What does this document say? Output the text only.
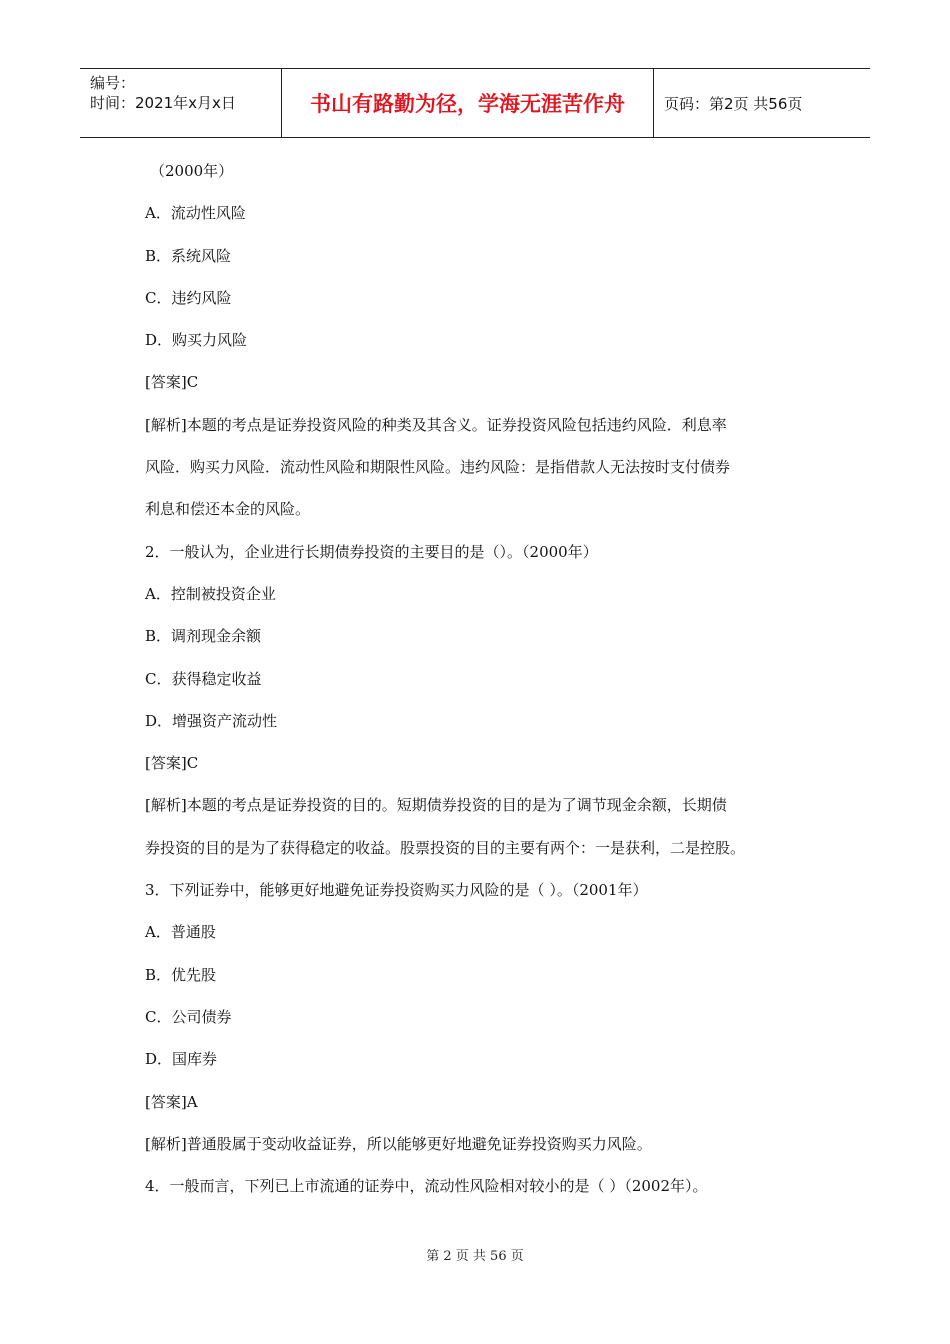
编号：
时间：2021年x月x日	书山有路勤为径，学海无涯苦作舟	页码：第2页 共56页
（2000年）
A．流动性风险
B．系统风险
C．违约风险
D．购买力风险
[答案]C
[解析]本题的考点是证券投资风险的种类及其含义。证券投资风险包括违约风险．利息率
风险．购买力风险．流动性风险和期限性风险。违约风险：是指借款人无法按时支付债券
利息和偿还本金的风险。
2．一般认为，企业进行长期债券投资的主要目的是（）。（2000年）
A．控制被投资企业
B．调剂现金余额
C．获得稳定收益
D．增强资产流动性
[答案]C
[解析]本题的考点是证券投资的目的。短期债券投资的目的是为了调节现金余额，长期债
券投资的目的是为了获得稳定的收益。股票投资的目的主要有两个：一是获利，二是控股。
3．下列证券中，能够更好地避免证券投资购买力风险的是（ ）。（2001年）
A．普通股
B．优先股
C．公司债券
D．国库券
[答案]A
[解析]普通股属于变动收益证券，所以能够更好地避免证券投资购买力风险。
4．一般而言，下列已上市流通的证券中，流动性风险相对较小的是（ ）（2002年）。
第 2 页 共 56 页
